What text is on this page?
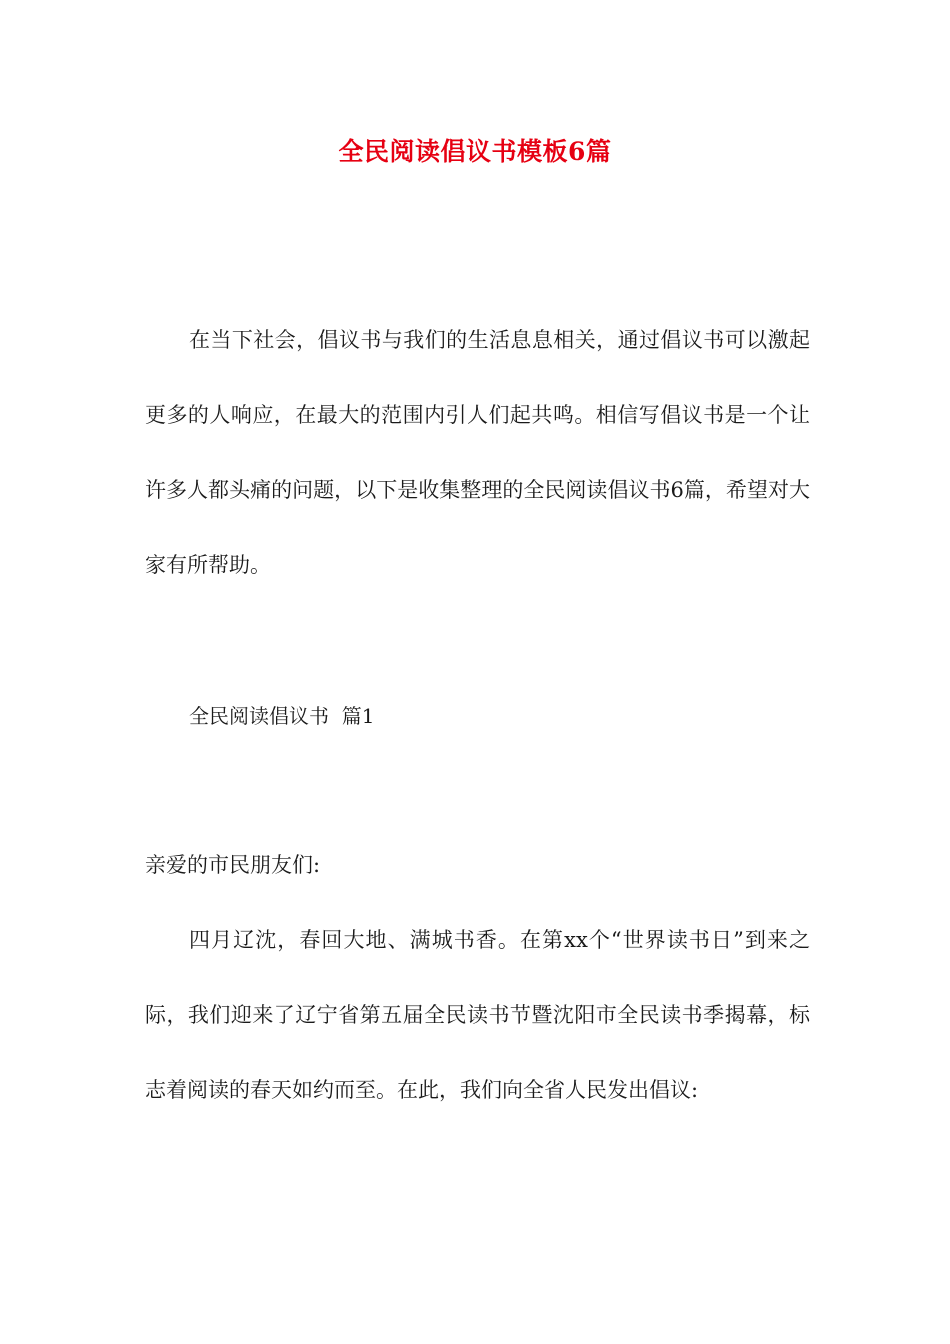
全民阅读倡议书模板6篇

在当下社会，倡议书与我们的生活息息相关，通过倡议书可以激起更多的人响应，在最大的范围内引人们起共鸣。相信写倡议书是一个让许多人都头痛的问题，以下是收集整理的全民阅读倡议书6篇，希望对大家有所帮助。

全民阅读倡议书  篇1
亲爱的市民朋友们:

四月辽沈，春回大地、满城书香。在第xx个“世界读书日”到来之际，我们迎来了辽宁省第五届全民读书节暨沈阳市全民读书季揭幕，标志着阅读的春天如约而至。在此，我们向全省人民发出倡议:
